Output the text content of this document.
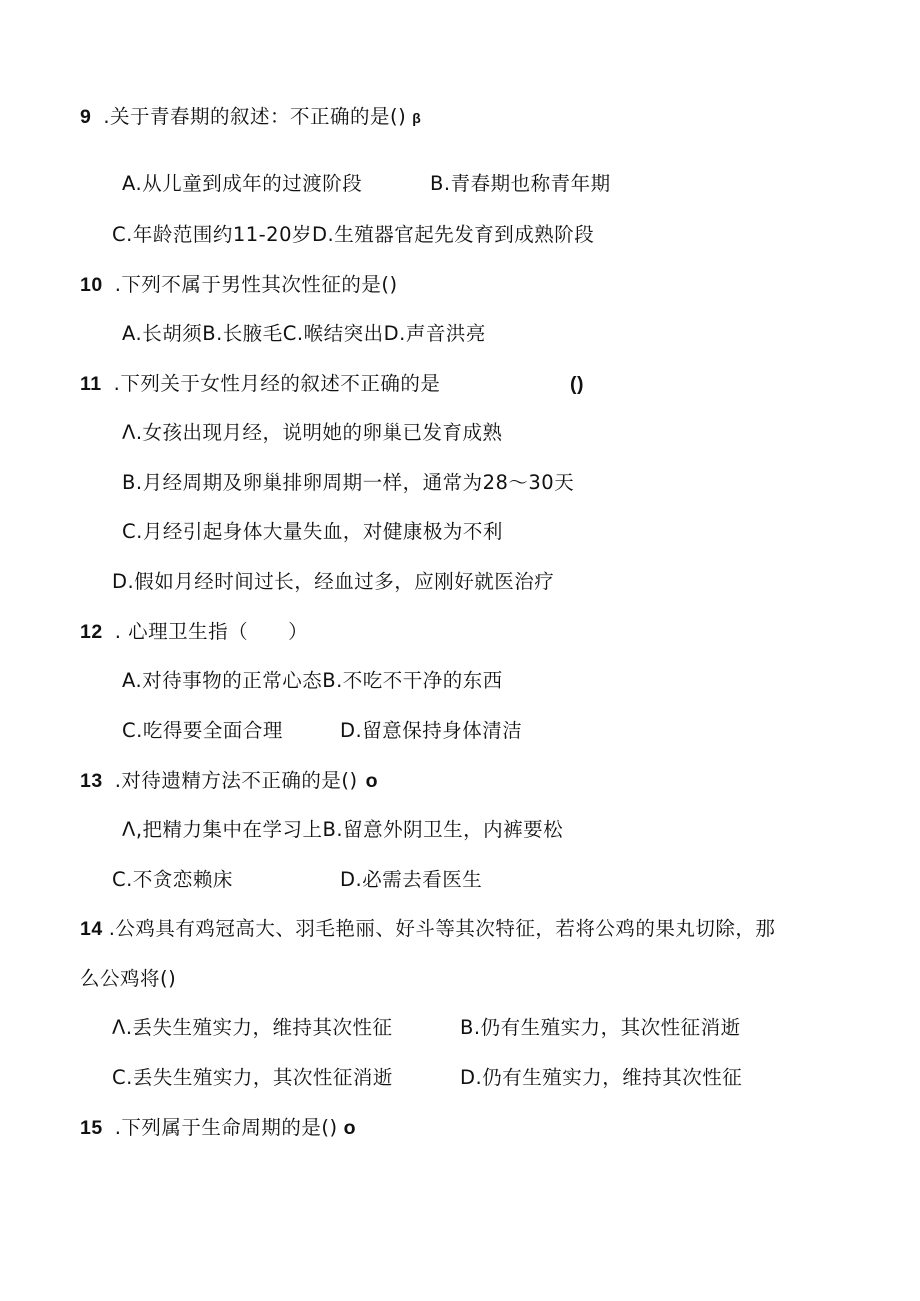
9 .关于青春期的叙述：不正确的是() β
A.从儿童到成年的过渡阶段	B.青春期也称青年期
C.年龄范围约11-20岁D.生殖器官起先发育到成熟阶段
10 .下列不属于男性其次性征的是()
A.长胡须B.长腋毛C.喉结突出D.声音洪亮
11 .下列关于女性月经的叙述不正确的是	()
Λ.女孩出现月经，说明她的卵巢已发育成熟
B.月经周期及卵巢排卵周期一样，通常为28〜30天
C.月经引起身体大量失血，对健康极为不利
D.假如月经时间过长，经血过多，应刚好就医治疗
12 . 心理卫生指（　　）
A.对待事物的正常心态B.不吃不干净的东西
C.吃得要全面合理	D.留意保持身体清洁
13 .对待遗精方法不正确的是() o
Λ,把精力集中在学习上B.留意外阴卫生，内裤要松
C.不贪恋赖床	D.必需去看医生
14 .公鸡具有鸡冠高大、羽毛艳丽、好斗等其次特征，若将公鸡的果丸切除，那
么公鸡将()
Λ.丢失生殖实力，维持其次性征	B.仍有生殖实力，其次性征消逝
C.丢失生殖实力，其次性征消逝	D.仍有生殖实力，维持其次性征
15 .下列属于生命周期的是() o
